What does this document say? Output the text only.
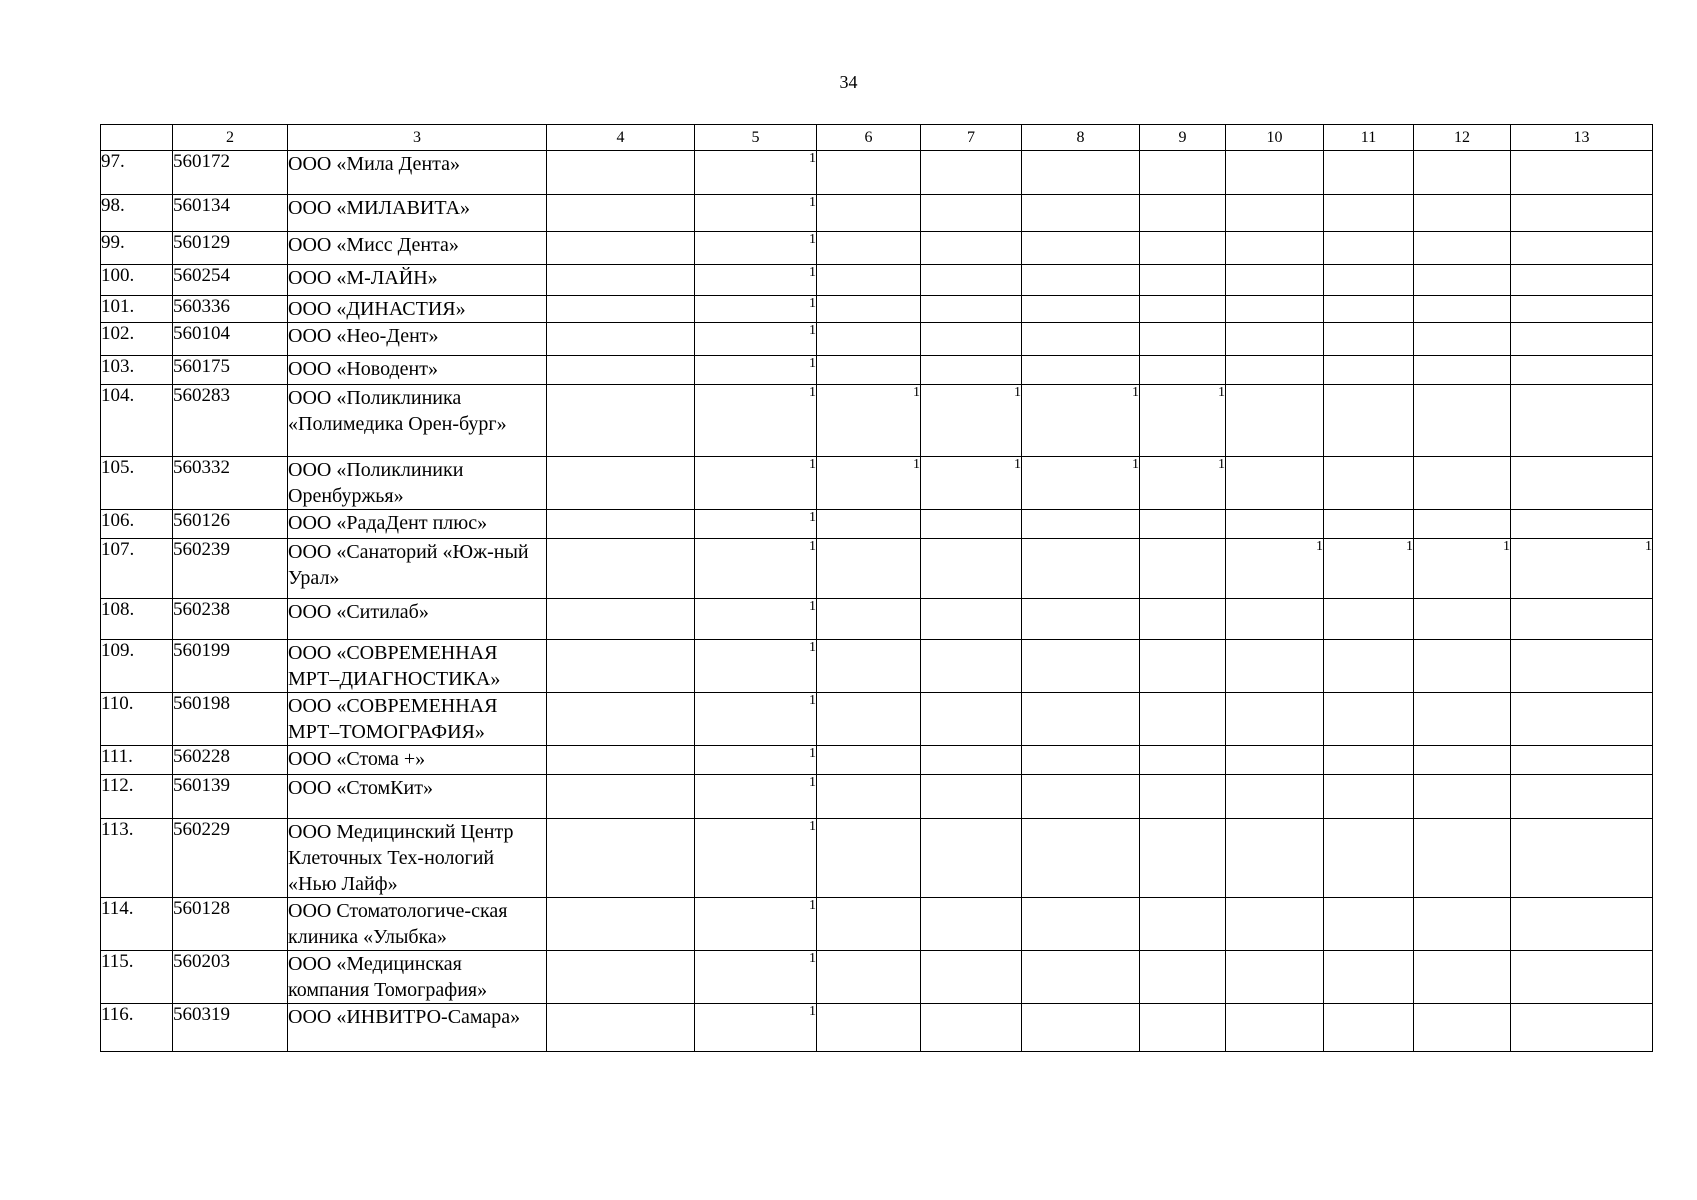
34
	2	3	4	5	6	7	8	9	10	11	12	13
97.	560172	ООО «Мила Дента»		1								
98.	560134	ООО «МИЛАВИТА»		1								
99.	560129	ООО «Мисс Дента»		1								
100.	560254	ООО «М-ЛАЙН»		1								
101.	560336	ООО «ДИНАСТИЯ»		1								
102.	560104	ООО «Нео-Дент»		1								
103.	560175	ООО «Новодент»		1								
104.	560283	ООО «Поликлиника «Полимедика Орен-бург»		1	1	1	1	1				
105.	560332	ООО «Поликлиники Оренбуржья»		1	1	1	1	1				
106.	560126	ООО «РадаДент плюс»		1								
107.	560239	ООО «Санаторий «Юж-ный Урал»		1					1	1	1	1
108.	560238	ООО «Ситилаб»		1								
109.	560199	ООО «СОВРЕМЕННАЯ МРТ–ДИАГНОСТИКА»		1								
110.	560198	ООО «СОВРЕМЕННАЯ МРТ–ТОМОГРАФИЯ»		1								
111.	560228	ООО «Стома +»		1								
112.	560139	ООО «СтомКит»		1								
113.	560229	ООО Медицинский Центр Клеточных Тех-нологий «Нью Лайф»		1								
114.	560128	ООО Стоматологиче-ская клиника «Улыбка»		1								
115.	560203	ООО «Медицинская компания Томография»		1								
116.	560319	ООО «ИНВИТРО-Самара»		1								
